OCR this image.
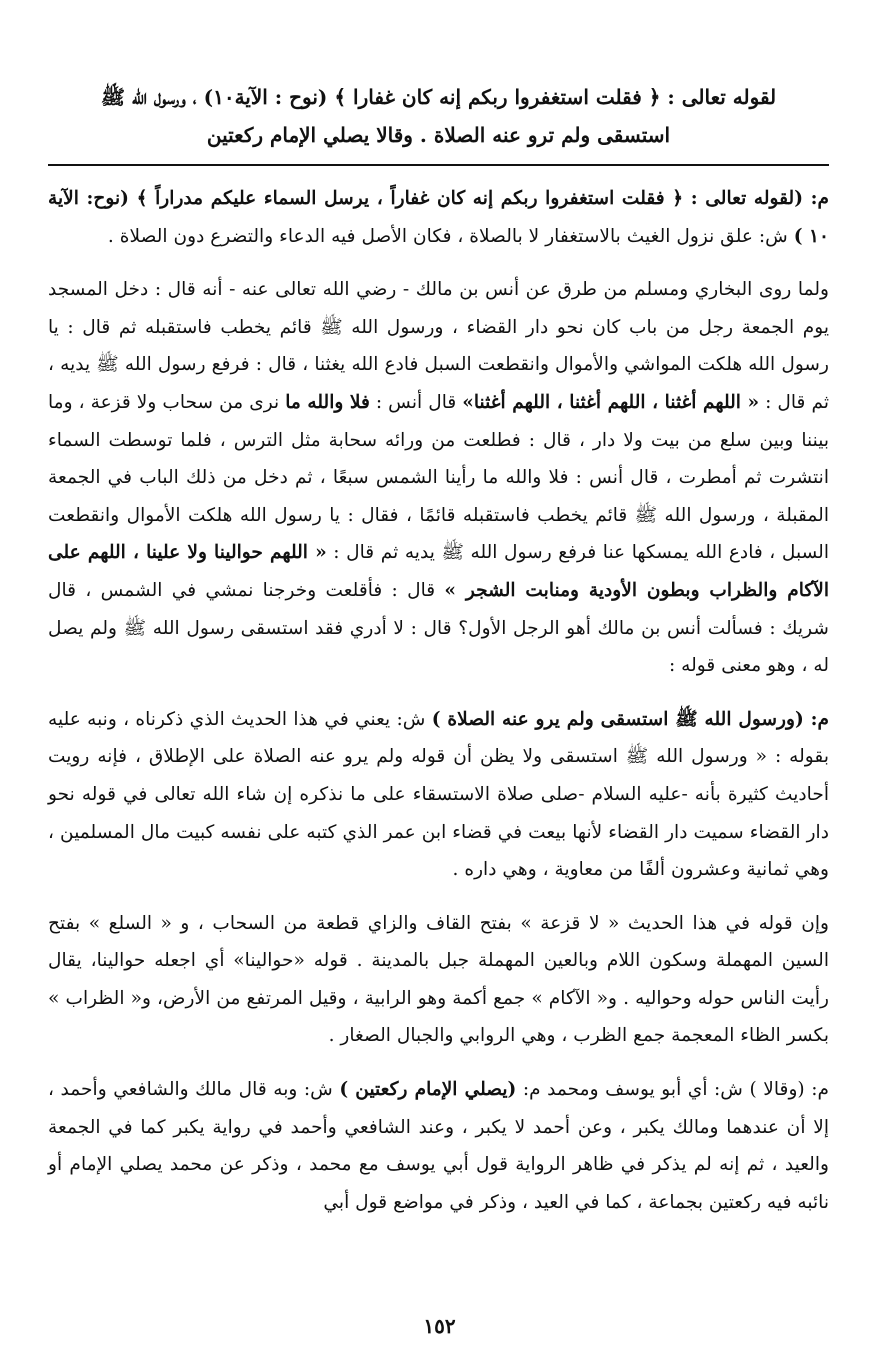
لقوله تعالى : ﴿ فقلت استغفروا ربكم إنه كان غفارا ﴾ (نوح : الآية١٠) ، ورسول الله ﷺ
استسقى ولم ترو عنه الصلاة . وقالا يصلي الإمام ركعتين

م: (لقوله تعالى : ﴿ فقلت استغفروا ربكم إنه كان غفاراً ، يرسل السماء عليكم مدراراً ﴾ (نوح: الآية ١٠ ) ش: علق نزول الغيث بالاستغفار لا بالصلاة ، فكان الأصل فيه الدعاء والتضرع دون الصلاة .

ولما روى البخاري ومسلم من طرق عن أنس بن مالك - رضي الله تعالى عنه - أنه قال : دخل المسجد يوم الجمعة رجل من باب كان نحو دار القضاء ، ورسول الله ﷺ قائم يخطب فاستقبله ثم قال : يا رسول الله هلكت المواشي والأموال وانقطعت السبل فادع الله يغثنا ، قال : فرفع رسول الله ﷺ يديه ، ثم قال : « اللهم أغثنا ، اللهم أغثنا ، اللهم أغثنا» قال أنس : فلا والله ما نرى من سحاب ولا قزعة ، وما بيننا وبين سلع من بيت ولا دار ، قال : فطلعت من ورائه سحابة مثل الترس ، فلما توسطت السماء انتشرت ثم أمطرت ، قال أنس : فلا والله ما رأينا الشمس سبعًا ، ثم دخل من ذلك الباب في الجمعة المقبلة ، ورسول الله ﷺ قائم يخطب فاستقبله قائمًا ، فقال : يا رسول الله هلكت الأموال وانقطعت السبل ، فادع الله يمسكها عنا فرفع رسول الله ﷺ يديه ثم قال : « اللهم حوالينا ولا علينا ، اللهم على الآكام والظراب وبطون الأودية ومنابت الشجر » قال : فأقلعت وخرجنا نمشي في الشمس ، قال شريك : فسألت أنس بن مالك أهو الرجل الأول؟ قال : لا أدري فقد استسقى رسول الله ﷺ ولم يصل له ، وهو معنى قوله :

م: (ورسول الله ﷺ استسقى ولم يرو عنه الصلاة ) ش: يعني في هذا الحديث الذي ذكرناه ، ونبه عليه بقوله : « ورسول الله ﷺ استسقى ولا يظن أن قوله ولم يرو عنه الصلاة على الإطلاق ، فإنه رويت أحاديث كثيرة بأنه -عليه السلام -صلى صلاة الاستسقاء على ما نذكره إن شاء الله تعالى في قوله نحو دار القضاء سميت دار القضاء لأنها بيعت في قضاء ابن عمر الذي كتبه على نفسه كبيت مال المسلمين ، وهي ثمانية وعشرون ألفًا من معاوية ، وهي داره .

وإن قوله في هذا الحديث « لا قزعة » بفتح القاف والزاي قطعة من السحاب ، و « السلع » بفتح السين المهملة وسكون اللام وبالعين المهملة جبل بالمدينة . قوله «حوالينا» أي اجعله حوالينا، يقال رأيت الناس حوله وحواليه . و« الآكام » جمع أكمة وهو الرابية ، وقيل المرتفع من الأرض، و« الظراب » بكسر الظاء المعجمة جمع الظرب ، وهي الروابي والجبال الصغار .

م: (وقالا ) ش: أي أبو يوسف ومحمد م: (يصلي الإمام ركعتين ) ش: وبه قال مالك والشافعي وأحمد ، إلا أن عندهما ومالك يكبر ، وعن أحمد لا يكبر ، وعند الشافعي وأحمد في رواية يكبر كما في الجمعة والعيد ، ثم إنه لم يذكر في ظاهر الرواية قول أبي يوسف مع محمد ، وذكر عن محمد يصلي الإمام أو نائبه فيه ركعتين بجماعة ، كما في العيد ، وذكر في مواضع قول أبي

١٥٢
